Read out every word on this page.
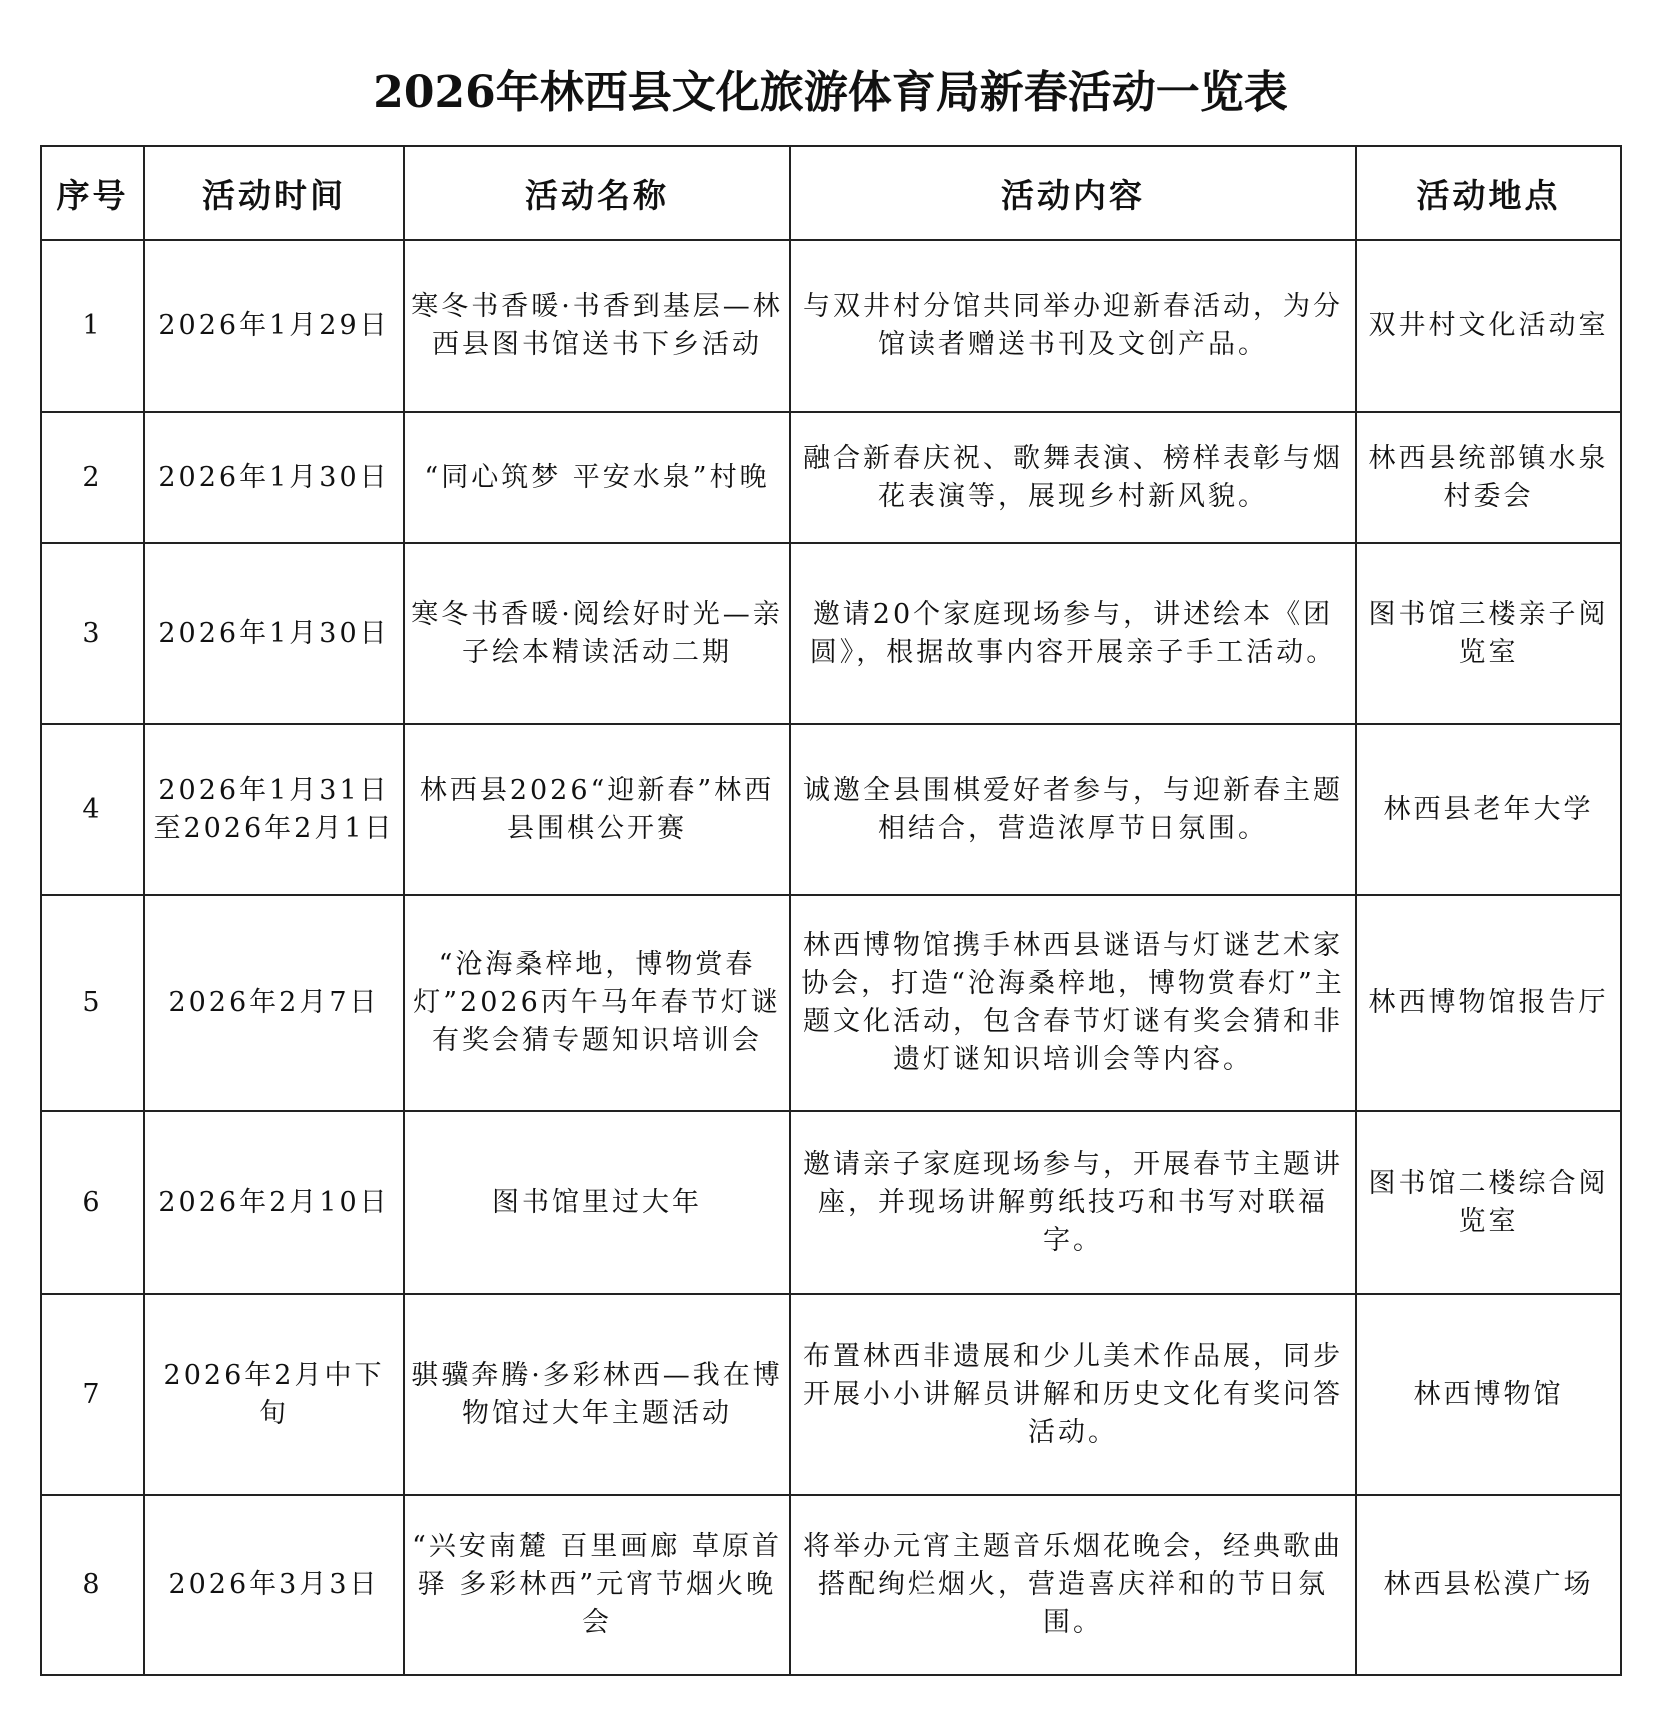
2026年林西县文化旅游体育局新春活动一览表
序号	活动时间	活动名称	活动内容	活动地点
1	2026年1月29日	寒冬书香暖·书香到基层—林西县图书馆送书下乡活动	与双井村分馆共同举办迎新春活动，为分馆读者赠送书刊及文创产品。	双井村文化活动室
2	2026年1月30日	“同心筑梦 平安水泉”村晚	融合新春庆祝、歌舞表演、榜样表彰与烟花表演等，展现乡村新风貌。	林西县统部镇水泉村委会
3	2026年1月30日	寒冬书香暖·阅绘好时光—亲子绘本精读活动二期	邀请20个家庭现场参与，讲述绘本《团圆》，根据故事内容开展亲子手工活动。	图书馆三楼亲子阅览室
4	2026年1月31日至2026年2月1日	林西县2026“迎新春”林西县围棋公开赛	诚邀全县围棋爱好者参与，与迎新春主题相结合，营造浓厚节日氛围。	林西县老年大学
5	2026年2月7日	“沧海桑梓地，博物赏春灯”2026丙午马年春节灯谜有奖会猜专题知识培训会	林西博物馆携手林西县谜语与灯谜艺术家协会，打造“沧海桑梓地，博物赏春灯”主题文化活动，包含春节灯谜有奖会猜和非遗灯谜知识培训会等内容。	林西博物馆报告厅
6	2026年2月10日	图书馆里过大年	邀请亲子家庭现场参与，开展春节主题讲座，并现场讲解剪纸技巧和书写对联福字。	图书馆二楼综合阅览室
7	2026年2月中下旬	骐骥奔腾·多彩林西—我在博物馆过大年主题活动	布置林西非遗展和少儿美术作品展，同步开展小小讲解员讲解和历史文化有奖问答活动。	林西博物馆
8	2026年3月3日	“兴安南麓 百里画廊 草原首驿 多彩林西”元宵节烟火晚会	将举办元宵主题音乐烟花晚会，经典歌曲搭配绚烂烟火，营造喜庆祥和的节日氛围。	林西县松漠广场
